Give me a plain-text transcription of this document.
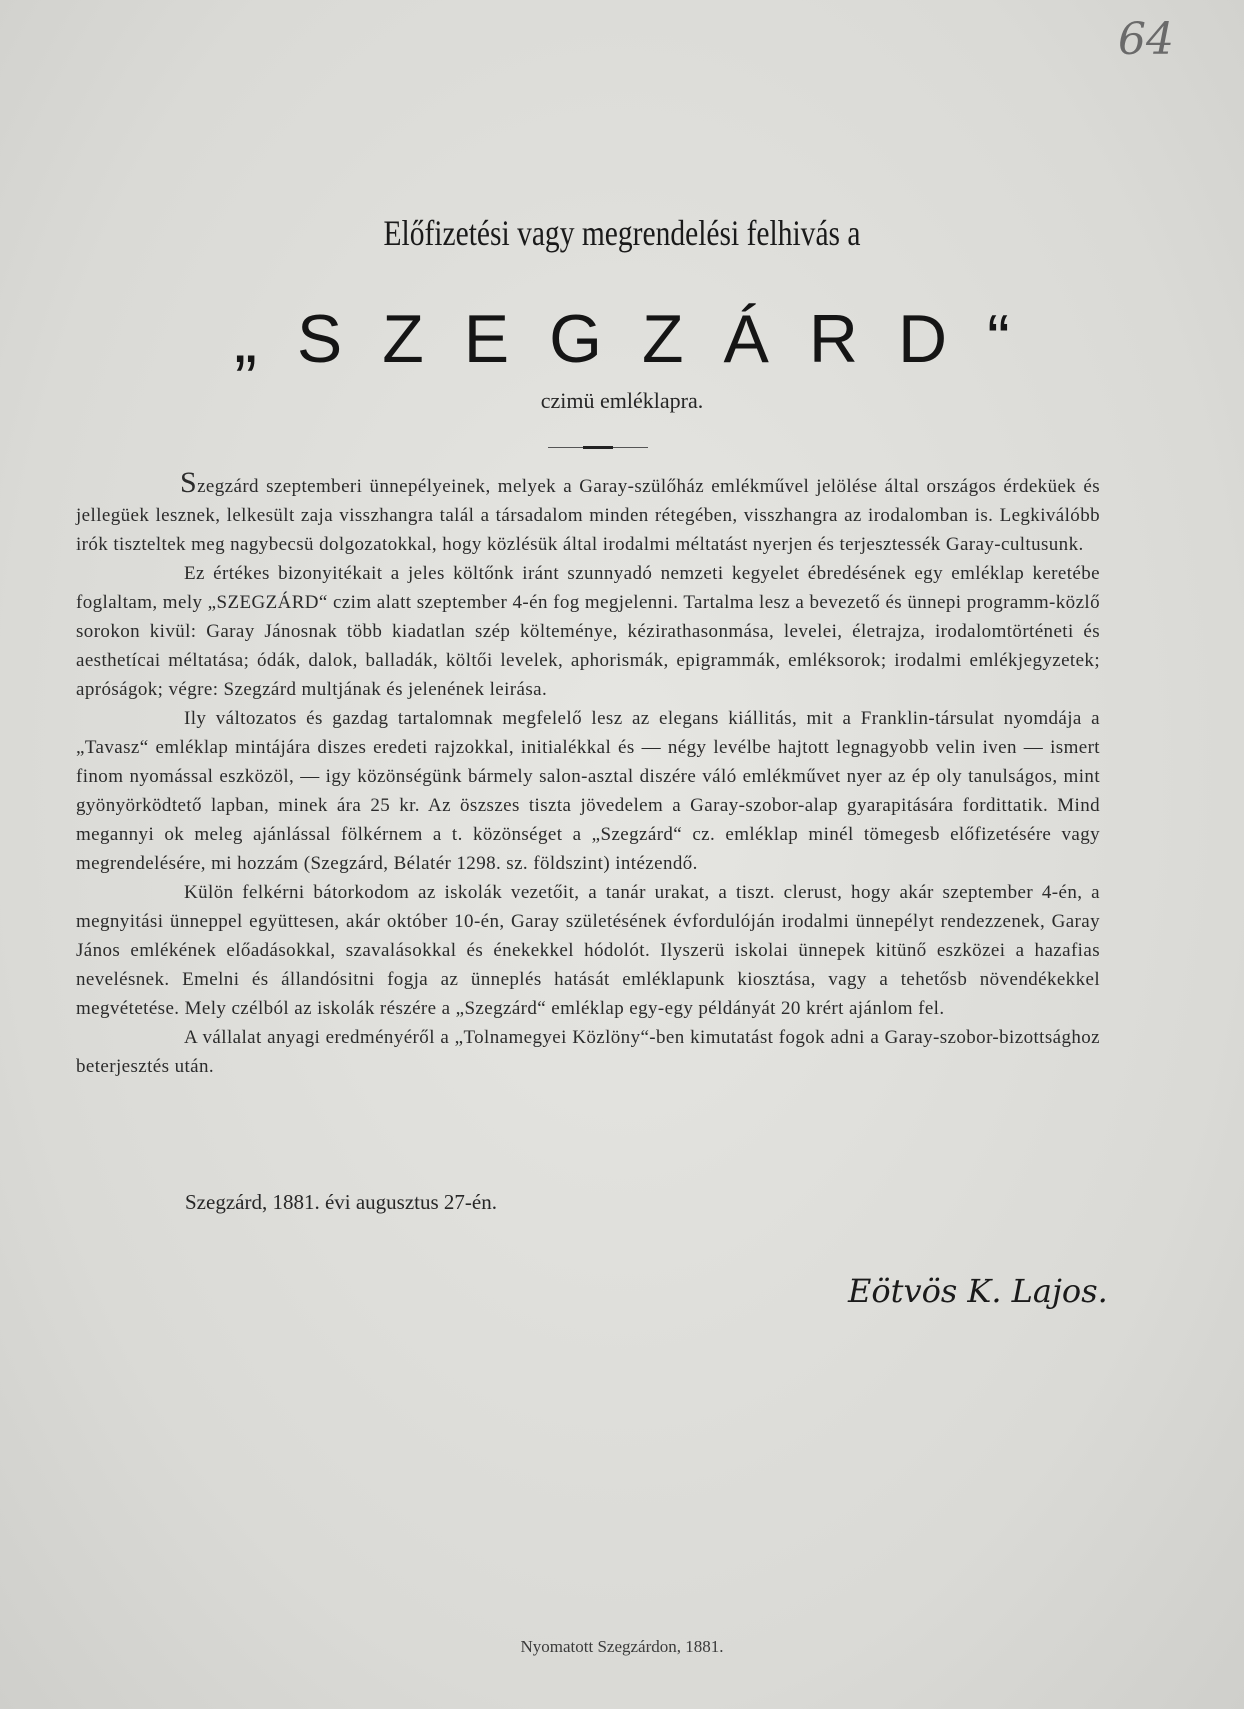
64
Előfizetési vagy megrendelési felhivás a
„SZEGZÁRD“
czimü emléklapra.

Szegzárd szeptemberi ünnepélyeinek, melyek a Garay-szülőház emlékművel jelölése által országos érdeküek és jellegüek lesznek, lelkesült zaja visszhangra talál a társadalom minden rétegében, visszhangra az irodalomban is. Legkiválóbb irók tiszteltek meg nagybecsü dolgozatokkal, hogy közlésük által irodalmi méltatást nyerjen és terjesztessék Garay-cultusunk.

Ez értékes bizonyitékait a jeles költőnk iránt szunnyadó nemzeti kegyelet ébredésének egy emléklap keretébe foglaltam, mely „SZEGZÁRD“ czim alatt szeptember 4-én fog megjelenni. Tartalma lesz a bevezető és ünnepi programm-közlő sorokon kivül: Garay Jánosnak több kiadatlan szép költeménye, kézirathasonmása, levelei, életrajza, irodalomtörténeti és aesthetícai méltatása; ódák, dalok, balladák, költői levelek, aphorismák, epigrammák, emléksorok; irodalmi emlékjegyzetek; apróságok; végre: Szegzárd multjának és jelenének leirása.

Ily változatos és gazdag tartalomnak megfelelő lesz az elegans kiállitás, mit a Franklin-társulat nyomdája a „Tavasz“ emléklap mintájára diszes eredeti rajzokkal, initialékkal és — négy levélbe hajtott legnagyobb velin iven — ismert finom nyomással eszközöl, — igy közönségünk bármely salon-asztal diszére váló emlékművet nyer az ép oly tanulságos, mint gyönyörködtető lapban, minek ára 25 kr. Az öszszes tiszta jövedelem a Garay-szobor-alap gyarapitására fordittatik. Mind megannyi ok meleg ajánlással fölkérnem a t. közönséget a „Szegzárd“ cz. emléklap minél tömegesb előfizetésére vagy megrendelésére, mi hozzám (Szegzárd, Bélatér 1298. sz. földszint) intézendő.

Külön felkérni bátorkodom az iskolák vezetőit, a tanár urakat, a tiszt. clerust, hogy akár szeptember 4-én, a megnyitási ünneppel együttesen, akár október 10-én, Garay születésének évfordulóján irodalmi ünnepélyt rendezzenek, Garay János emlékének előadásokkal, szavalásokkal és énekekkel hódolót. Ilyszerü iskolai ünnepek kitünő eszközei a hazafias nevelésnek. Emelni és állandósitni fogja az ünneplés hatását emléklapunk kiosztása, vagy a tehetősb növendékekkel megvétetése. Mely czélból az iskolák részére a „Szegzárd“ emléklap egy-egy példányát 20 krért ajánlom fel.

A vállalat anyagi eredményéről a „Tolnamegyei Közlöny“-ben kimutatást fogok adni a Garay-szobor-bizottsághoz beterjesztés után.

Szegzárd, 1881. évi augusztus 27-én.
Eötvös K. Lajos.
Nyomatott Szegzárdon, 1881.
